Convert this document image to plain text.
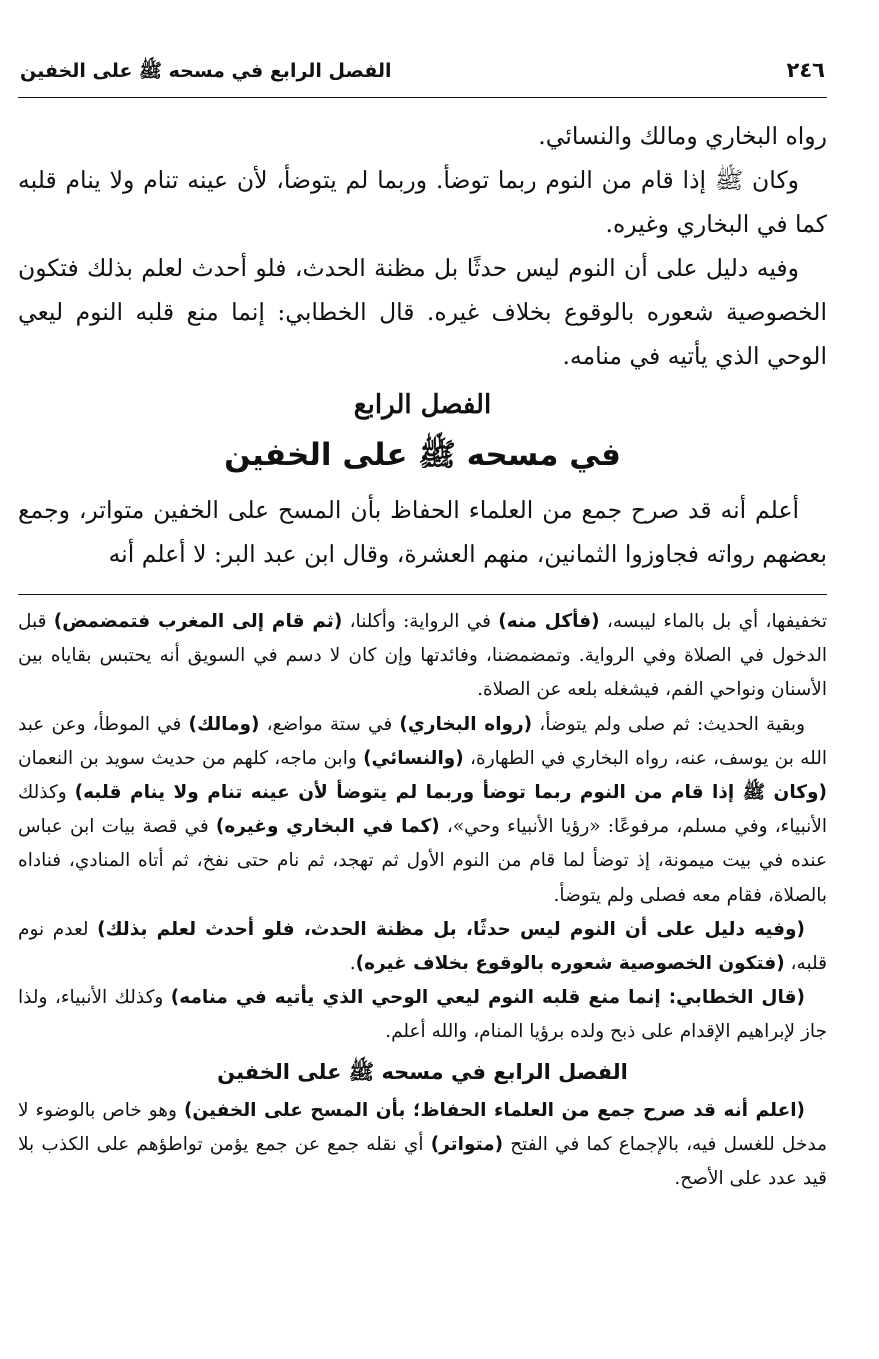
٢٤٦
الفصل الرابع في مسحه ﷺ على الخفين

رواه البخاري ومالك والنسائي.

وكان ﷺ إذا قام من النوم ربما توضأ. وربما لم يتوضأ، لأن عينه تنام ولا ينام قلبه كما في البخاري وغيره.

وفيه دليل على أن النوم ليس حدثًا بل مظنة الحدث، فلو أحدث لعلم بذلك فتكون الخصوصية شعوره بالوقوع بخلاف غيره. قال الخطابي: إنما منع قلبه النوم ليعي الوحي الذي يأتيه في منامه.

الفصل الرابع
في مسحه ﷺ على الخفين

أعلم أنه قد صرح جمع من العلماء الحفاظ بأن المسح على الخفين متواتر، وجمع بعضهم رواته فجاوزوا الثمانين، منهم العشرة، وقال ابن عبد البر: لا أعلم أنه

تخفيفها، أي بل بالماء ليبسه، (فأكل منه) في الرواية: وأكلنا، (ثم قام إلى المغرب فتمضمض) قبل الدخول في الصلاة وفي الرواية. وتمضمضنا، وفائدتها وإن كان لا دسم في السويق أنه يحتبس بقاياه بين الأسنان ونواحي الفم، فيشغله بلعه عن الصلاة.

وبقية الحديث: ثم صلى ولم يتوضأ، (رواه البخاري) في ستة مواضع، (ومالك) في الموطأ، وعن عبد الله بن يوسف، عنه، رواه البخاري في الطهارة، (والنسائي) وابن ماجه، كلهم من حديث سويد بن النعمان (وكان ﷺ إذا قام من النوم ربما توضأ وربما لم يتوضأ لأن عينه تنام ولا ينام قلبه) وكذلك الأنبياء، وفي مسلم، مرفوعًا: «رؤيا الأنبياء وحي»، (كما في البخاري وغيره) في قصة بيات ابن عباس عنده في بيت ميمونة، إذ توضأ لما قام من النوم الأول ثم تهجد، ثم نام حتى نفخ، ثم أتاه المنادي، فناداه بالصلاة، فقام معه فصلى ولم يتوضأ.

(وفيه دليل على أن النوم ليس حدثًا، بل مظنة الحدث، فلو أحدث لعلم بذلك) لعدم نوم قلبه، (فتكون الخصوصية شعوره بالوقوع بخلاف غيره).

(قال الخطابي: إنما منع قلبه النوم ليعي الوحي الذي يأتيه في منامه) وكذلك الأنبياء، ولذا جاز لإبراهيم الإقدام على ذبح ولده برؤيا المنام، والله أعلم.

الفصل الرابع في مسحه ﷺ على الخفين

(اعلم أنه قد صرح جمع من العلماء الحفاظ؛ بأن المسح على الخفين) وهو خاص بالوضوء لا مدخل للغسل فيه، بالإجماع كما في الفتح (متواتر) أي نقله جمع عن جمع يؤمن تواطؤهم على الكذب بلا قيد عدد على الأصح.
